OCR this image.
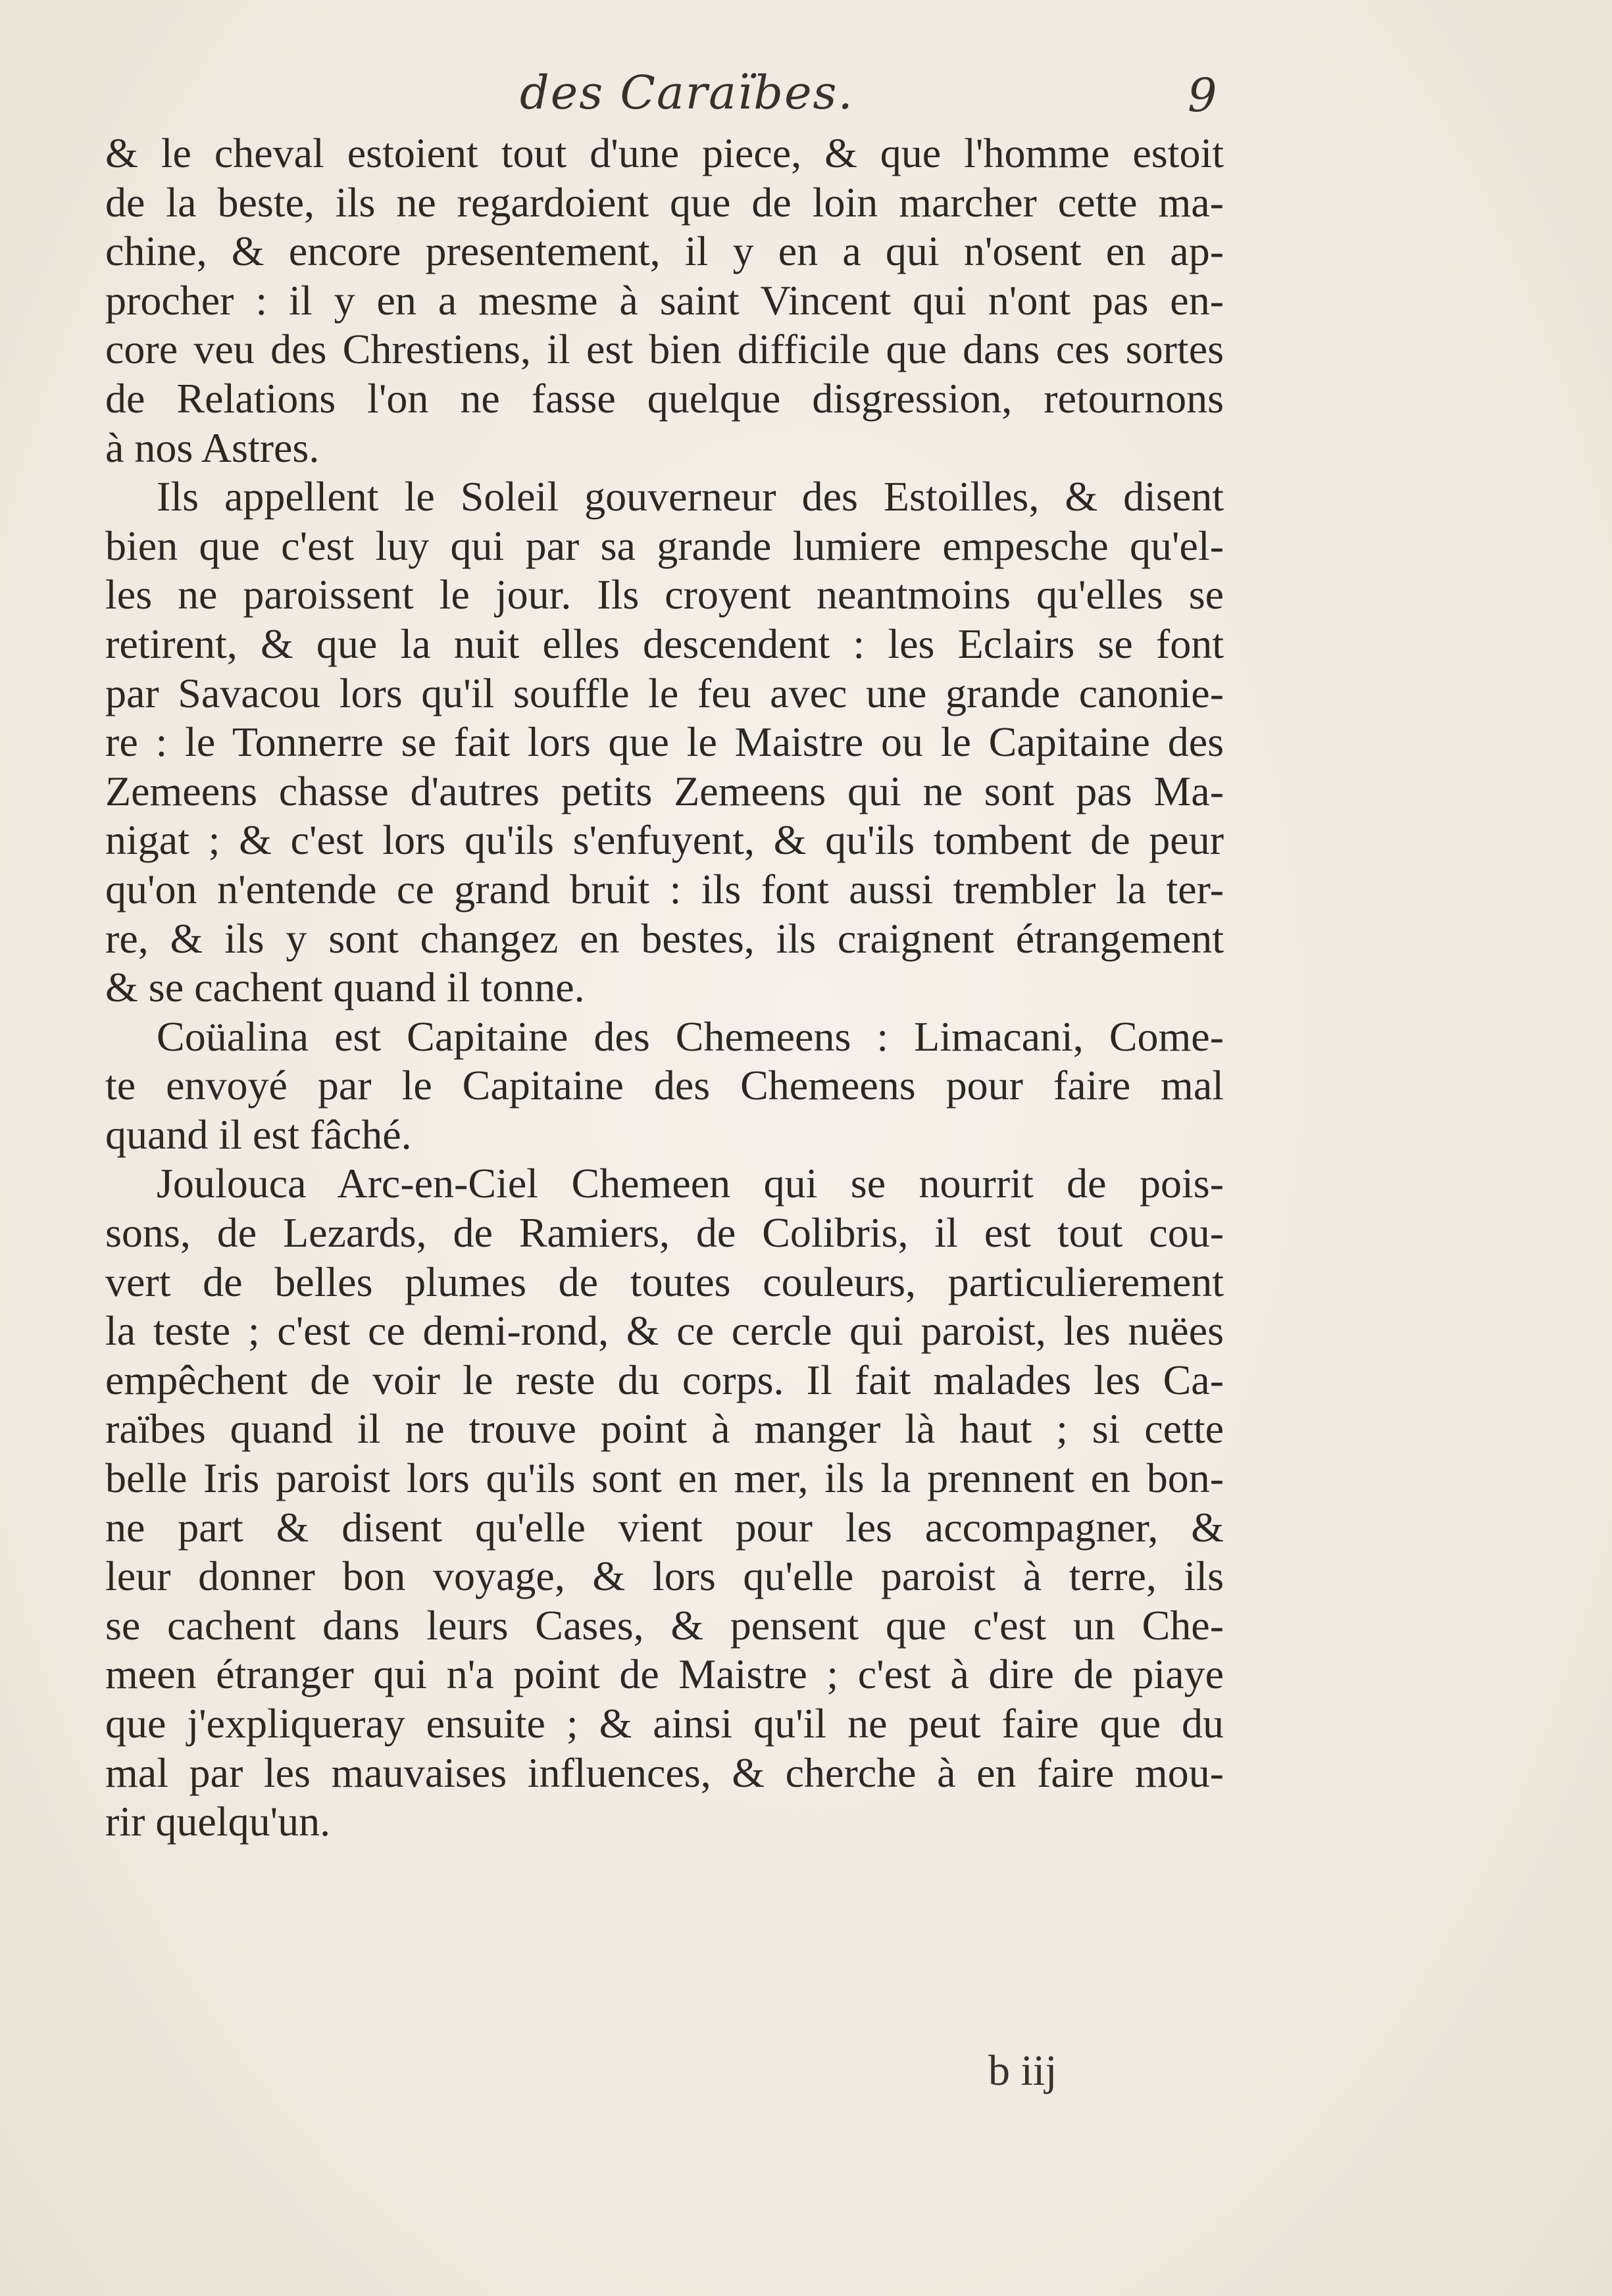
des Caraïbes.	9
& le cheval estoient tout d'une piece, & que l'homme estoit
de la beste, ils ne regardoient que de loin marcher cette ma-
chine, & encore presentement, il y en a qui n'osent en ap-
procher : il y en a mesme à saint Vincent qui n'ont pas en-
core veu des Chrestiens, il est bien difficile que dans ces sortes
de Relations l'on ne fasse quelque disgression, retournons
à nos Astres.
Ils appellent le Soleil gouverneur des Estoilles, & disent
bien que c'est luy qui par sa grande lumiere empesche qu'el-
les ne paroissent le jour. Ils croyent neantmoins qu'elles se
retirent, & que la nuit elles descendent : les Eclairs se font
par Savacou lors qu'il souffle le feu avec une grande canonie-
re : le Tonnerre se fait lors que le Maistre ou le Capitaine des
Zemeens chasse d'autres petits Zemeens qui ne sont pas Ma-
nigat ; & c'est lors qu'ils s'enfuyent, & qu'ils tombent de peur
qu'on n'entende ce grand bruit : ils font aussi trembler la ter-
re, & ils y sont changez en bestes, ils craignent étrangement
& se cachent quand il tonne.
Coüalina est Capitaine des Chemeens : Limacani, Come-
te envoyé par le Capitaine des Chemeens pour faire mal
quand il est fâché.
Joulouca Arc-en-Ciel Chemeen qui se nourrit de pois-
sons, de Lezards, de Ramiers, de Colibris, il est tout cou-
vert de belles plumes de toutes couleurs, particulierement
la teste ; c'est ce demi-rond, & ce cercle qui paroist, les nuëes
empêchent de voir le reste du corps. Il fait malades les Ca-
raïbes quand il ne trouve point à manger là haut ; si cette
belle Iris paroist lors qu'ils sont en mer, ils la prennent en bon-
ne part & disent qu'elle vient pour les accompagner, &
leur donner bon voyage, & lors qu'elle paroist à terre, ils
se cachent dans leurs Cases, & pensent que c'est un Che-
meen étranger qui n'a point de Maistre ; c'est à dire de piaye
que j'expliqueray ensuite ; & ainsi qu'il ne peut faire que du
mal par les mauvaises influences, & cherche à en faire mou-
rir quelqu'un.
b iij
